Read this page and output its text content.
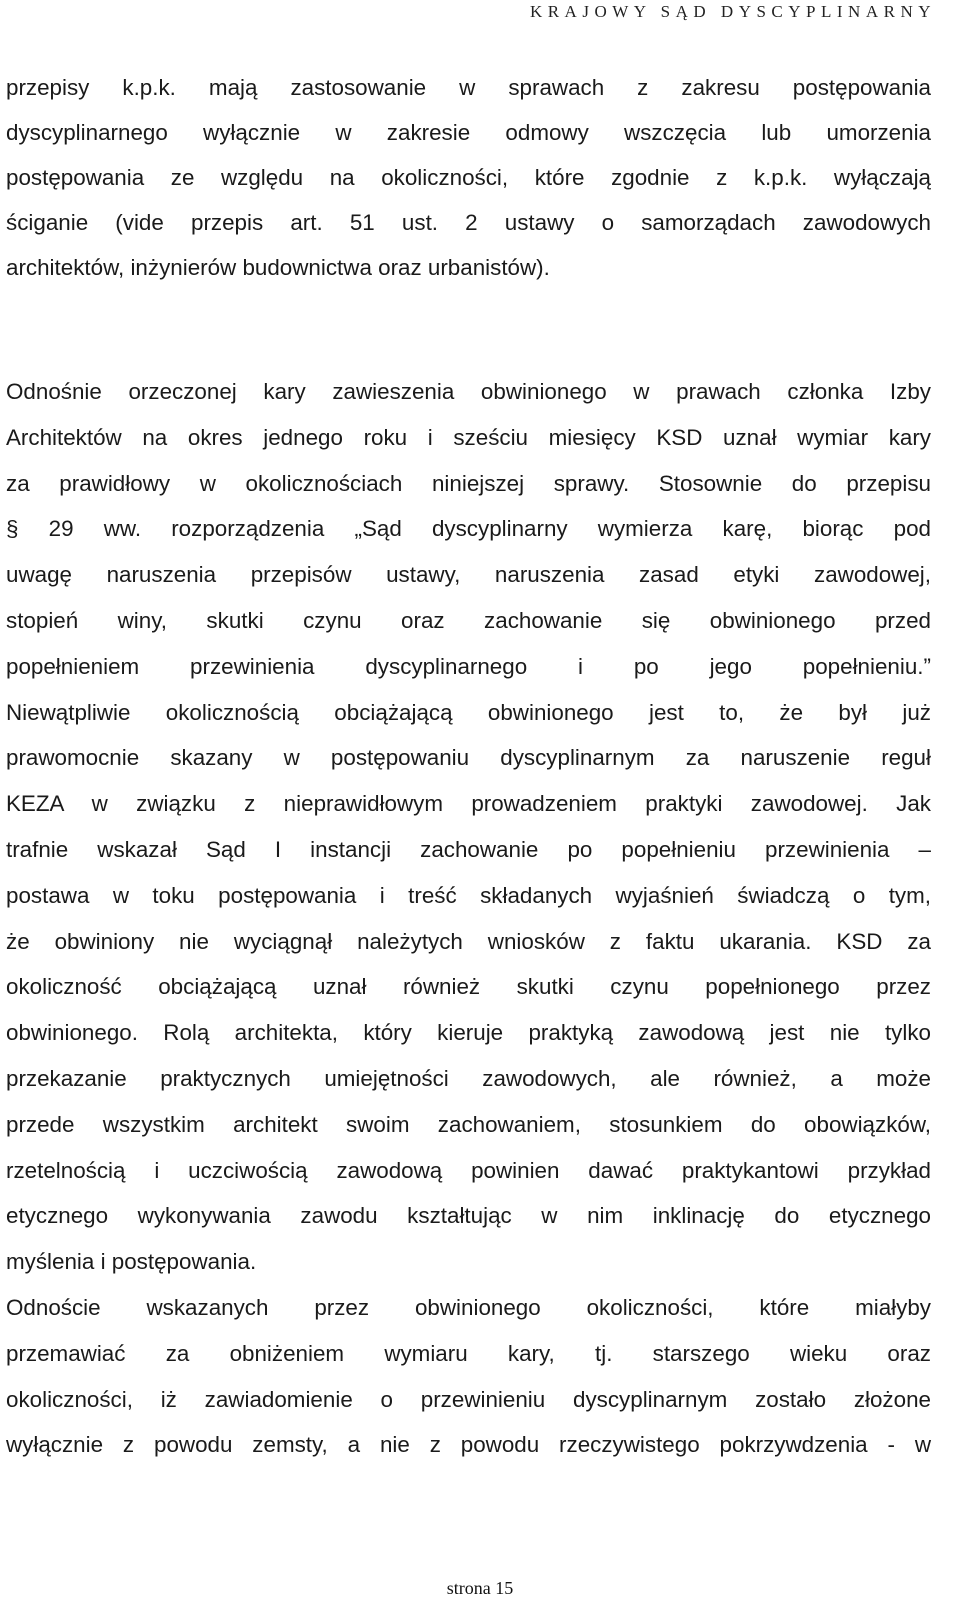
KRAJOWY SĄD DYSCYPLINARNY
przepisy k.p.k. mają zastosowanie w sprawach z zakresu postępowania
dyscyplinarnego wyłącznie w zakresie odmowy wszczęcia lub umorzenia
postępowania ze względu na okoliczności, które zgodnie z k.p.k. wyłączają
ściganie (vide przepis art. 51 ust. 2 ustawy o samorządach zawodowych
architektów, inżynierów budownictwa oraz urbanistów).
Odnośnie orzeczonej kary zawieszenia obwinionego w prawach członka Izby
Architektów na okres jednego roku i sześciu miesięcy KSD uznał wymiar kary
za prawidłowy w okolicznościach niniejszej sprawy. Stosownie do przepisu
§ 29 ww. rozporządzenia „Sąd dyscyplinarny wymierza karę, biorąc pod
uwagę naruszenia przepisów ustawy, naruszenia zasad etyki zawodowej,
stopień winy, skutki czynu oraz zachowanie się obwinionego przed
popełnieniem przewinienia dyscyplinarnego i po jego popełnieniu.”
Niewątpliwie okolicznością obciążającą obwinionego jest to, że był już
prawomocnie skazany w postępowaniu dyscyplinarnym za naruszenie reguł
KEZA w związku z nieprawidłowym prowadzeniem praktyki zawodowej. Jak
trafnie wskazał Sąd I instancji zachowanie po popełnieniu przewinienia –
postawa w toku postępowania i treść składanych wyjaśnień świadczą o tym,
że obwiniony nie wyciągnął należytych wniosków z faktu ukarania. KSD za
okoliczność obciążającą uznał również skutki czynu popełnionego przez
obwinionego. Rolą architekta, który kieruje praktyką zawodową jest nie tylko
przekazanie praktycznych umiejętności zawodowych, ale również, a może
przede wszystkim architekt swoim zachowaniem, stosunkiem do obowiązków,
rzetelnością i uczciwością zawodową powinien dawać praktykantowi przykład
etycznego wykonywania zawodu kształtując w nim inklinację do etycznego
myślenia i postępowania.
Odnoście wskazanych przez obwinionego okoliczności, które miałyby
przemawiać za obniżeniem wymiaru kary, tj. starszego wieku oraz
okoliczności, iż zawiadomienie o przewinieniu dyscyplinarnym zostało złożone
wyłącznie z powodu zemsty, a nie z powodu rzeczywistego pokrzywdzenia - w
strona 15
